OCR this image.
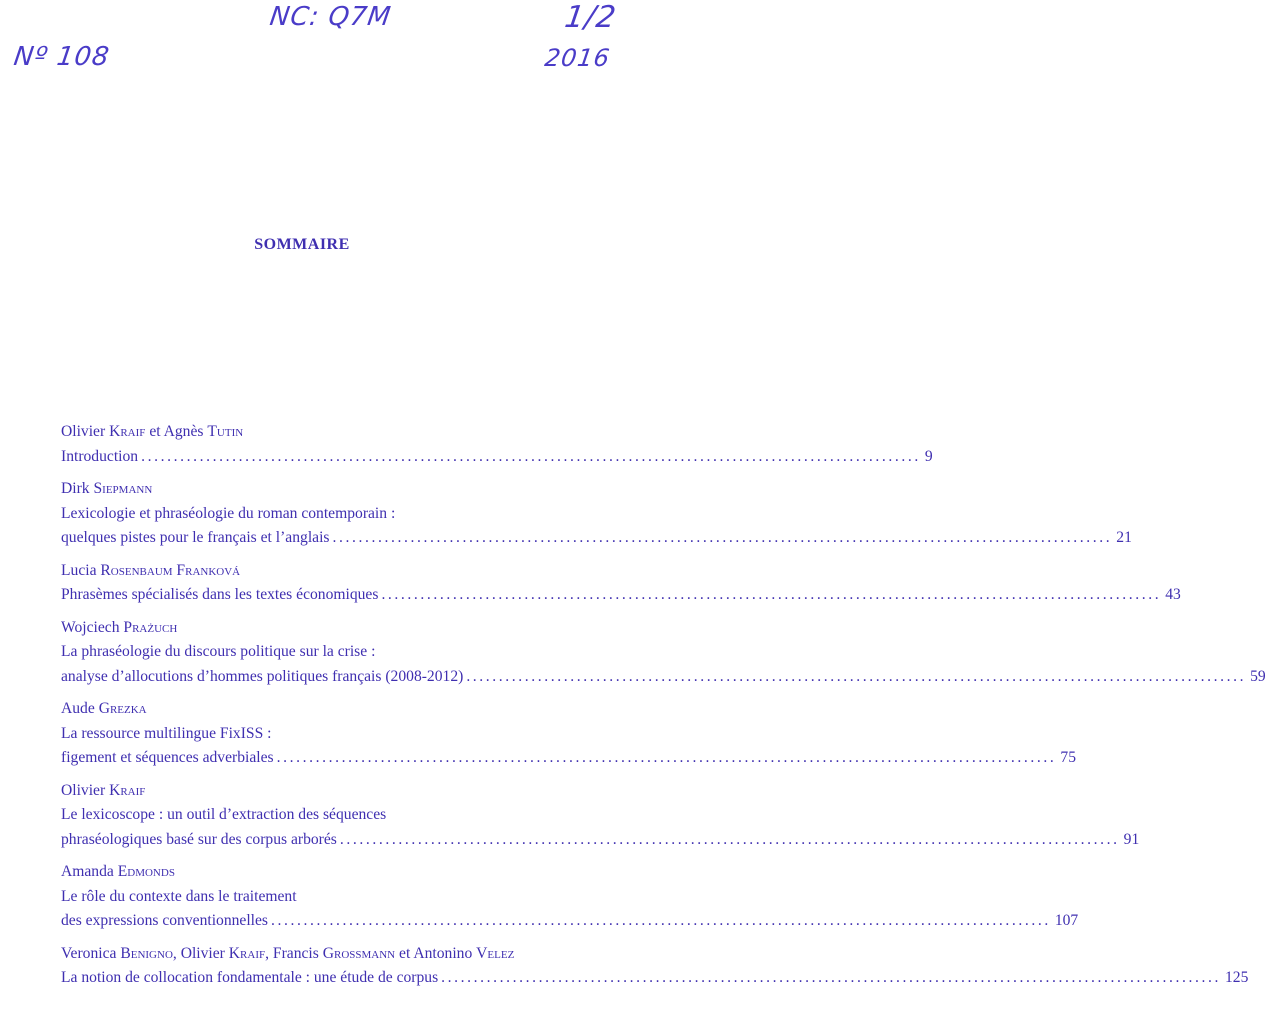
Nº 108
NC: Q7M	1/2
2016
SOMMAIRE
Olivier Kraif et Agnès Tutin
Introduction ........................................................................................................................ 9
Dirk Siepmann
Lexicologie et phraséologie du roman contemporain :
quelques pistes pour le français et l’anglais ........................................................................................................................ 21
Lucia Rosenbaum Franková
Phrasèmes spécialisés dans les textes économiques ........................................................................................................................ 43
Wojciech Prażuch
La phraséologie du discours politique sur la crise :
analyse d’allocutions d’hommes politiques français (2008-2012) ........................................................................................................................ 59
Aude Grezka
La ressource multilingue FixISS :
figement et séquences adverbiales ........................................................................................................................ 75
Olivier Kraif
Le lexicoscope : un outil d’extraction des séquences
phraséologiques basé sur des corpus arborés ........................................................................................................................ 91
Amanda Edmonds
Le rôle du contexte dans le traitement
des expressions conventionnelles ........................................................................................................................ 107
Veronica Benigno, Olivier Kraif, Francis Grossmann et Antonino Velez
La notion de collocation fondamentale : une étude de corpus ........................................................................................................................ 125
